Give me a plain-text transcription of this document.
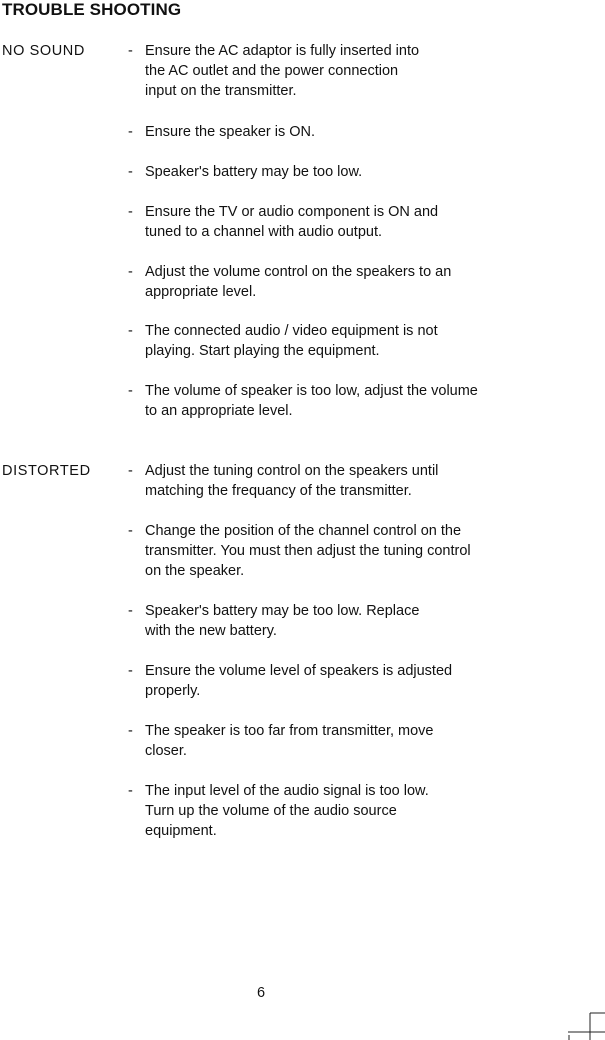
TROUBLE SHOOTING
NO SOUND	- Ensure the AC adaptor is fully inserted into
the AC outlet and the power connection
input on the transmitter.
- Ensure the speaker is ON.
- Speaker's battery may be too low.
- Ensure the TV or audio component is ON and
tuned to a channel with audio output.
- Adjust the volume control on the speakers to an
appropriate level.
- The connected audio / video equipment is not
playing. Start playing the equipment.
- The volume of speaker is too low, adjust the volume
to an appropriate level.
DISTORTED	- Adjust the tuning control on the speakers until
matching the frequancy of the transmitter.
- Change the position of the channel control on the
transmitter. You must then adjust the tuning control
on the speaker.
- Speaker's battery may be too low. Replace
with the new battery.
- Ensure the volume level of speakers is adjusted
properly.
- The speaker is too far from transmitter, move
closer.
- The input level of the audio signal is too low.
Turn up the volume of the audio source
equipment.
6
